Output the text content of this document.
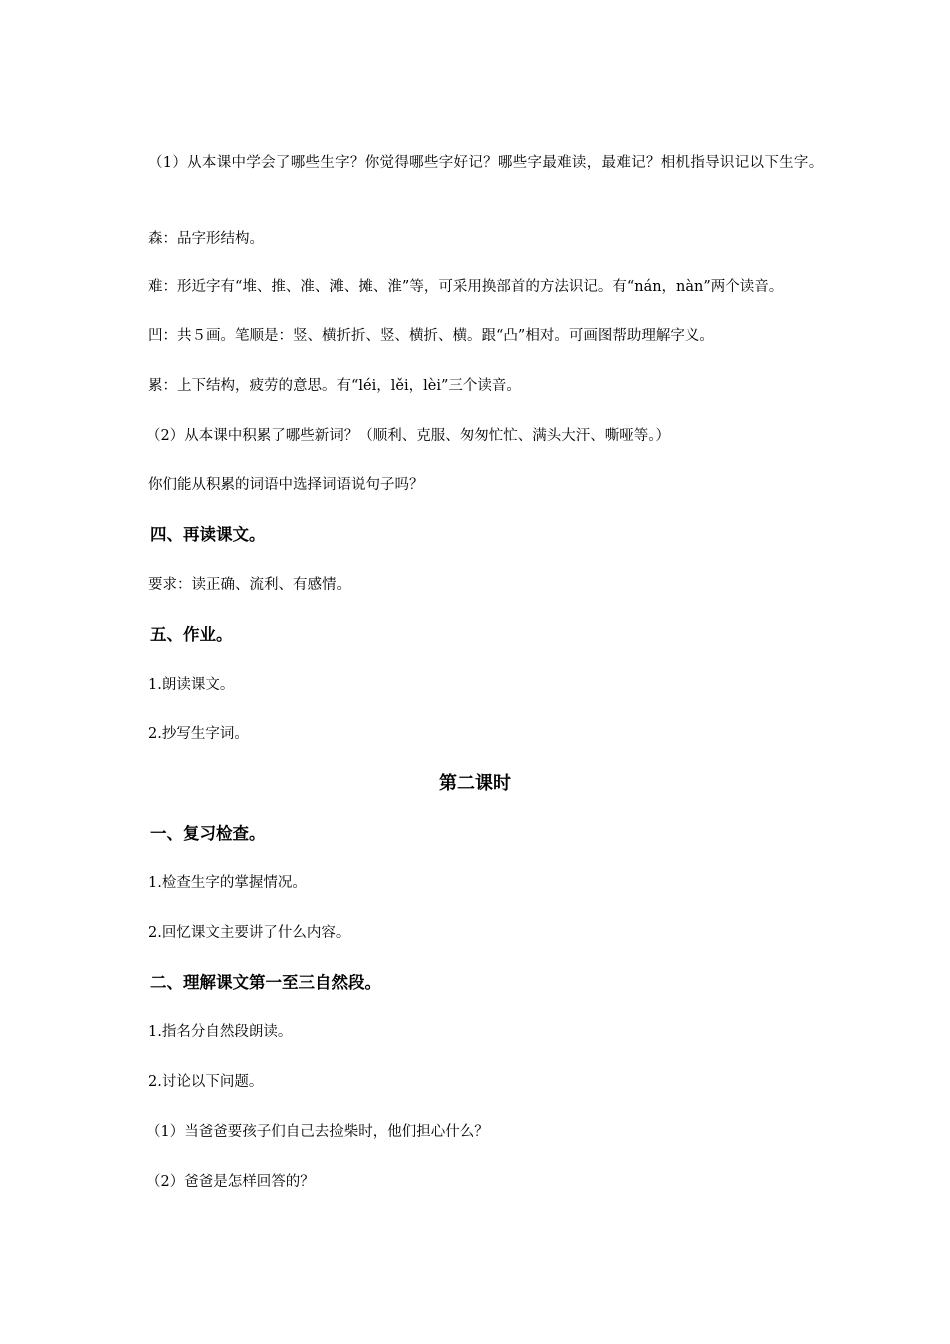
（1）从本课中学会了哪些生字？你觉得哪些字好记？哪些字最难读，最难记？相机指导识记以下生字。
森：品字形结构。
难：形近字有“堆、推、准、滩、摊、淮”等，可采用换部首的方法识记。有“nán，nàn”两个读音。
凹：共５画。笔顺是：竖、横折折、竖、横折、横。跟“凸”相对。可画图帮助理解字义。
累：上下结构，疲劳的意思。有“léi，lěi，lèi”三个读音。
（2）从本课中积累了哪些新词？（顺利、克服、匆匆忙忙、满头大汗、嘶哑等。）
你们能从积累的词语中选择词语说句子吗？
四、再读课文。
要求：读正确、流利、有感情。
五、作业。
1.朗读课文。
2.抄写生字词。
第二课时
一、复习检查。
1.检查生字的掌握情况。
2.回忆课文主要讲了什么内容。
二、理解课文第一至三自然段。
1.指名分自然段朗读。
2.讨论以下问题。
（1）当爸爸要孩子们自己去捡柴时，他们担心什么？
（2）爸爸是怎样回答的？
